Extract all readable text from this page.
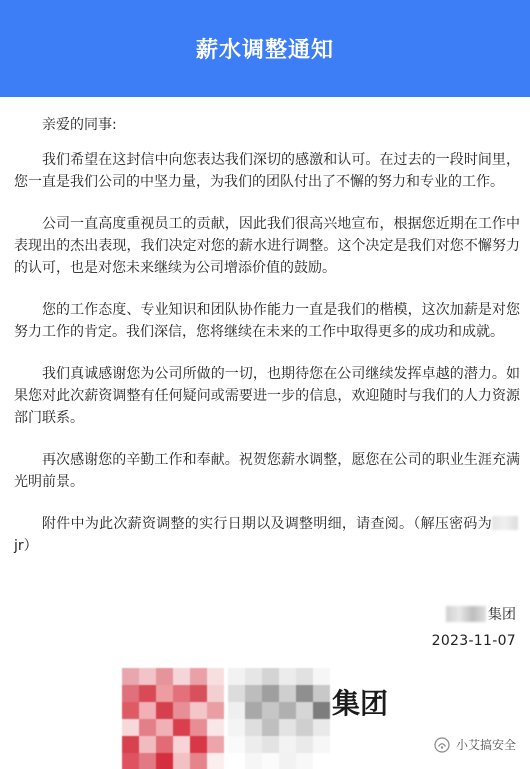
薪水调整通知
亲爱的同事:

我们希望在这封信中向您表达我们深切的感激和认可。在过去的一段时间里，您一直是我们公司的中坚力量，为我们的团队付出了不懈的努力和专业的工作。

公司一直高度重视员工的贡献，因此我们很高兴地宣布，根据您近期在工作中表现出的杰出表现，我们决定对您的薪水进行调整。这个决定是我们对您不懈努力的认可，也是对您未来继续为公司增添价值的鼓励。

您的工作态度、专业知识和团队协作能力一直是我们的楷模，这次加薪是对您努力工作的肯定。我们深信，您将继续在未来的工作中取得更多的成功和成就。

我们真诚感谢您为公司所做的一切，也期待您在公司继续发挥卓越的潜力。如果您对此次薪资调整有任何疑问或需要进一步的信息，欢迎随时与我们的人力资源部门联系。

再次感谢您的辛勤工作和奉献。祝贺您薪水调整，愿您在公司的职业生涯充满光明前景。

附件中为此次薪资调整的实行日期以及调整明细，请查阅。（解压密码为jr）

集团
2023-11-07
集团
小艾搞安全
